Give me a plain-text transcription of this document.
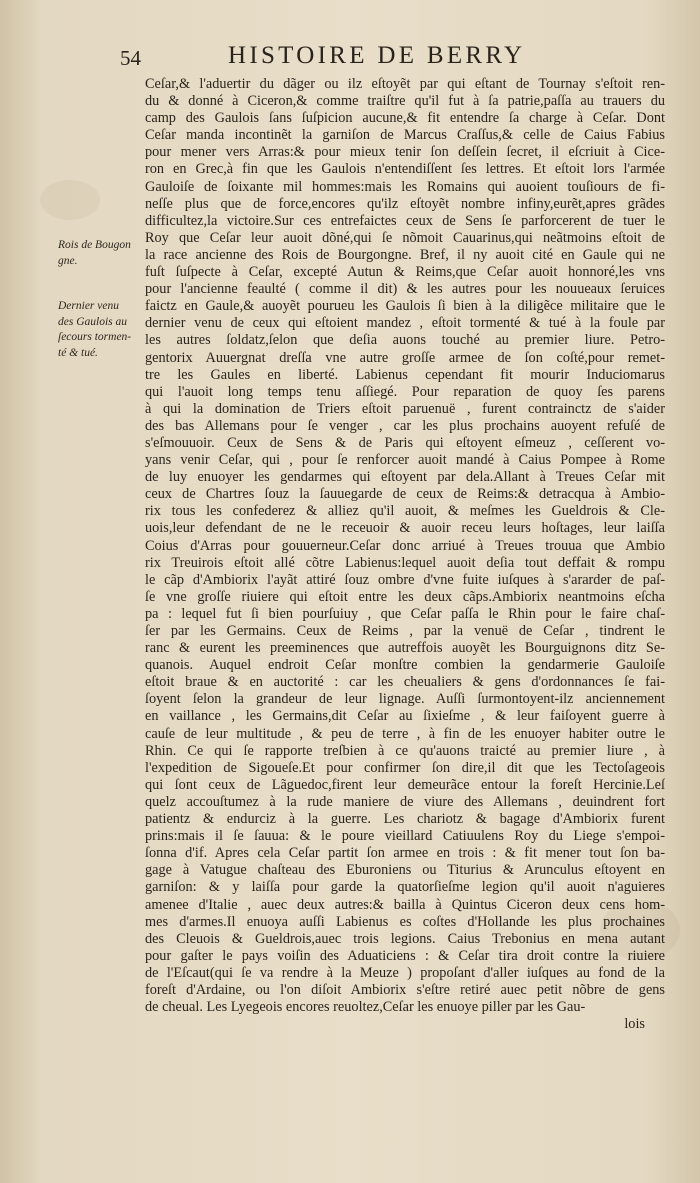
54	HISTOIRE DE BERRY
Rois de Bougon
gne.
Dernier venu
des Gaulois au
ſecours tormen-
té & tué.
Ceſar,& l'aduertir du dãger ou ilz eſtoyẽt par qui eſtant de Tournay s'eſtoit ren-
du & donné à Ciceron,& comme traiſtre qu'il fut à ſa patrie,paſſa au trauers du
camp des Gaulois ſans ſuſpicion aucune,& fit entendre ſa charge à Ceſar. Dont
Ceſar manda incontinẽt la garniſon de Marcus Craſſus,& celle de Caius Fabius
pour mener vers Arras:& pour mieux tenir ſon deſſein ſecret, il eſcriuit à Cice-
ron en Grec,à fin que les Gaulois n'entendiſſent ſes lettres. Et eſtoit lors l'armée
Gauloiſe de ſoixante mil hommes:mais les Romains qui auoient touſiours de fi-
neſſe plus que de force,encores qu'ilz eſtoyẽt nombre infiny,eurẽt,apres grãdes
difficultez,la victoire.Sur ces entrefaictes ceux de Sens ſe parforcerent de tuer le
Roy que Ceſar leur auoit dõné,qui ſe nõmoit Cauarinus,qui neãtmoins eſtoit de
la race ancienne des Rois de Bourgongne. Bref, il ny auoit cité en Gaule qui ne
fuſt ſuſpecte à Ceſar, excepté Autun & Reims,que Ceſar auoit honnoré,les vns
pour l'ancienne feaulté ( comme il dit) & les autres pour les nouueaux ſeruices
faictz en Gaule,& auoyẽt pourueu les Gaulois ſi bien à la diligẽce militaire que le
dernier venu de ceux qui eſtoient mandez , eſtoit tormenté & tué à la foule par
les autres ſoldatz,ſelon que deſia auons touché au premier liure. Petro-
gentorix Auuergnat dreſſa vne autre groſſe armee de ſon coſté,pour remet-
tre les Gaules en liberté. Labienus cependant fit mourir Induciomarus
qui l'auoit long temps tenu aſſiegé. Pour reparation de quoy ſes parens
à qui la domination de Triers eſtoit paruenuë , furent contrainctz de s'aider
des bas Allemans pour ſe venger , car les plus prochains auoyent refuſé de
s'eſmouuoir. Ceux de Sens & de Paris qui eſtoyent eſmeuz , ceſſerent vo-
yans venir Ceſar, qui , pour ſe renforcer auoit mandé à Caius Pompee à Rome
de luy enuoyer les gendarmes qui eſtoyent par dela.Allant à Treues Ceſar mit
ceux de Chartres ſouz la ſauuegarde de ceux de Reims:& detracqua à Ambio-
rix tous les confederez & alliez qu'il auoit, & meſmes les Gueldrois & Cle-
uois,leur defendant de ne le receuoir & auoir receu leurs hoſtages, leur laiſſa
Coius d'Arras pour gouuerneur.Ceſar donc arriué à Treues trouua que Ambio
rix Treuirois eſtoit allé cõtre Labienus:lequel auoit deſia tout deffait & rompu
le cãp d'Ambiorix l'ayãt attiré ſouz ombre d'vne fuite iuſques à s'ararder de paſ-
ſe vne groſſe riuiere qui eſtoit entre les deux cãps.Ambiorix neantmoins eſcha
pa : lequel fut ſi bien pourſuiuy , que Ceſar paſſa le Rhin pour le faire chaſ-
ſer par les Germains. Ceux de Reims , par la venuë de Ceſar , tindrent le
ranc & eurent les preeminences que autreffois auoyẽt les Bourguignons ditz Se-
quanois. Auquel endroit Ceſar monſtre combien la gendarmerie Gauloiſe
eſtoit braue & en auctorité : car les cheualiers & gens d'ordonnances ſe fai-
ſoyent ſelon la grandeur de leur lignage. Auſſi ſurmontoyent-ilz anciennement
en vaillance , les Germains,dit Ceſar au ſixieſme , & leur faiſoyent guerre à
cauſe de leur multitude , & peu de terre , à fin de les enuoyer habiter outre le
Rhin. Ce qui ſe rapporte treſbien à ce qu'auons traicté au premier liure , à
l'expedition de Sigoueſe.Et pour confirmer ſon dire,il dit que les Tectoſageois
qui ſont ceux de Lãguedoc,firent leur demeurãce entour la foreſt Hercinie.Leſ
quelz accouſtumez à la rude maniere de viure des Allemans , deuindrent fort
patientz & endurciz à la guerre. Les chariotz & bagage d'Ambiorix furent
prins:mais il ſe ſauua: & le poure vieillard Catiuulens Roy du Liege s'empoi-
ſonna d'if. Apres cela Ceſar partit ſon armee en trois : & fit mener tout ſon ba-
gage à Vatugue chaſteau des Eburoniens ou Titurius & Arunculus eſtoyent en
garniſon: & y laiſſa pour garde la quatorſieſme legion qu'il auoit n'aguieres
amenee d'Italie , auec deux autres:& bailla à Quintus Ciceron deux cens hom-
mes d'armes.Il enuoya auſſi Labienus es coſtes d'Hollande les plus prochaines
des Cleuois & Gueldrois,auec trois legions. Caius Trebonius en mena autant
pour gaſter le pays voiſin des Aduaticiens : & Ceſar tira droit contre la riuiere
de l'Eſcaut(qui ſe va rendre à la Meuze ) propoſant d'aller iuſques au fond de la
foreſt d'Ardaine, ou l'on diſoit Ambiorix s'eſtre retiré auec petit nõbre de gens
de cheual. Les Lyegeois encores reuoltez,Ceſar les enuoye piller par les Gau-
lois
